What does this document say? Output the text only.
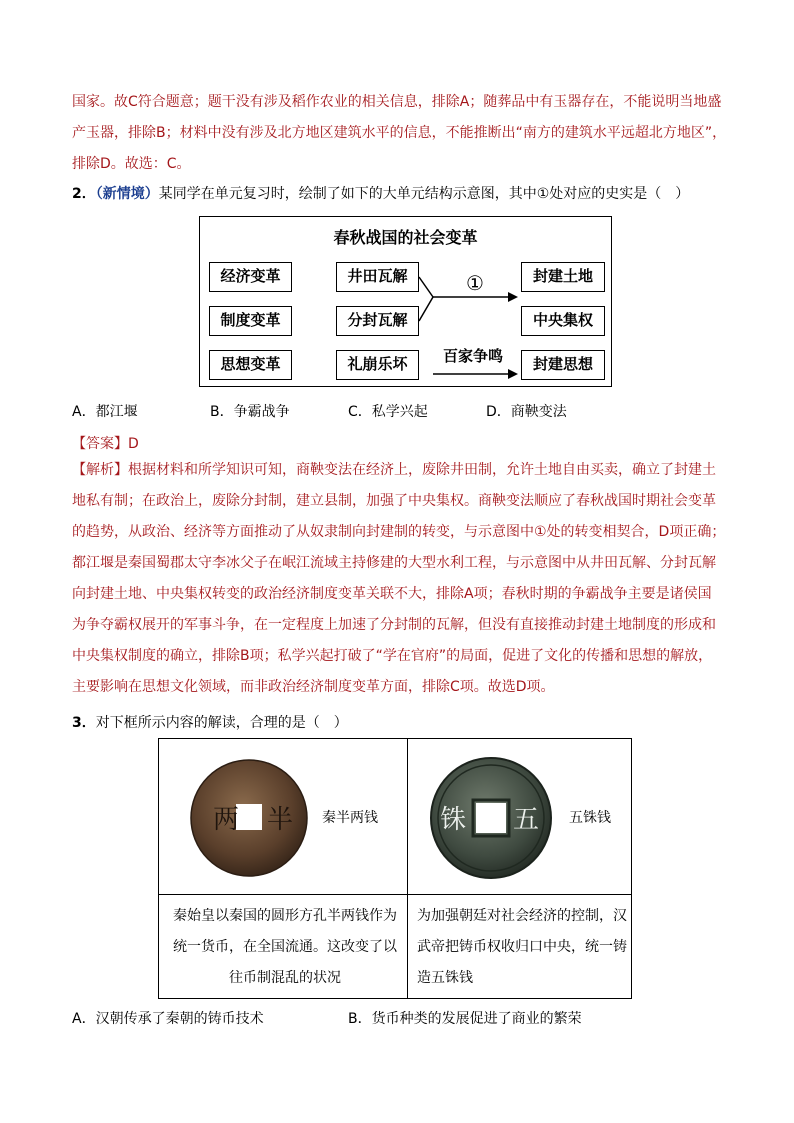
国家。故C符合题意；题干没有涉及稻作农业的相关信息，排除A；随葬品中有玉器存在，不能说明当地盛
产玉器，排除B；材料中没有涉及北方地区建筑水平的信息，不能推断出“南方的建筑水平远超北方地区”，
排除D。故选：C。
2．（新情境）某同学在单元复习时，绘制了如下的大单元结构示意图，其中①处对应的史实是（　）
春秋战国的社会变革
经济变革
制度变革
思想变革
井田瓦解
分封瓦解
礼崩乐坏
封建土地
中央集权
封建思想
①
百家争鸣
A．都江堰	B．争霸战争	C．私学兴起	D．商鞅变法
【答案】D
【解析】根据材料和所学知识可知，商鞅变法在经济上，废除井田制，允许土地自由买卖，确立了封建土
地私有制；在政治上，废除分封制，建立县制，加强了中央集权。商鞅变法顺应了春秋战国时期社会变革
的趋势，从政治、经济等方面推动了从奴隶制向封建制的转变，与示意图中①处的转变相契合，D项正确；
都江堰是秦国蜀郡太守李冰父子在岷江流域主持修建的大型水利工程，与示意图中从井田瓦解、分封瓦解
向封建土地、中央集权转变的政治经济制度变革关联不大，排除A项；春秋时期的争霸战争主要是诸侯国
为争夺霸权展开的军事斗争，在一定程度上加速了分封制的瓦解，但没有直接推动封建土地制度的形成和
中央集权制度的确立，排除B项；私学兴起打破了“学在官府”的局面，促进了文化的传播和思想的解放，
主要影响在思想文化领域，而非政治经济制度变革方面，排除C项。故选D项。
3．对下框所示内容的解读，合理的是（　）
两 半 秦半两钱 铢 五 五铢钱
秦始皇以秦国的圆形方孔半两钱作为
统一货币，在全国流通。这改变了以
往币制混乱的状况
为加强朝廷对社会经济的控制，汉
武帝把铸币权收归口中央，统一铸
造五铢钱
A．汉朝传承了秦朝的铸币技术	B．货币种类的发展促进了商业的繁荣
